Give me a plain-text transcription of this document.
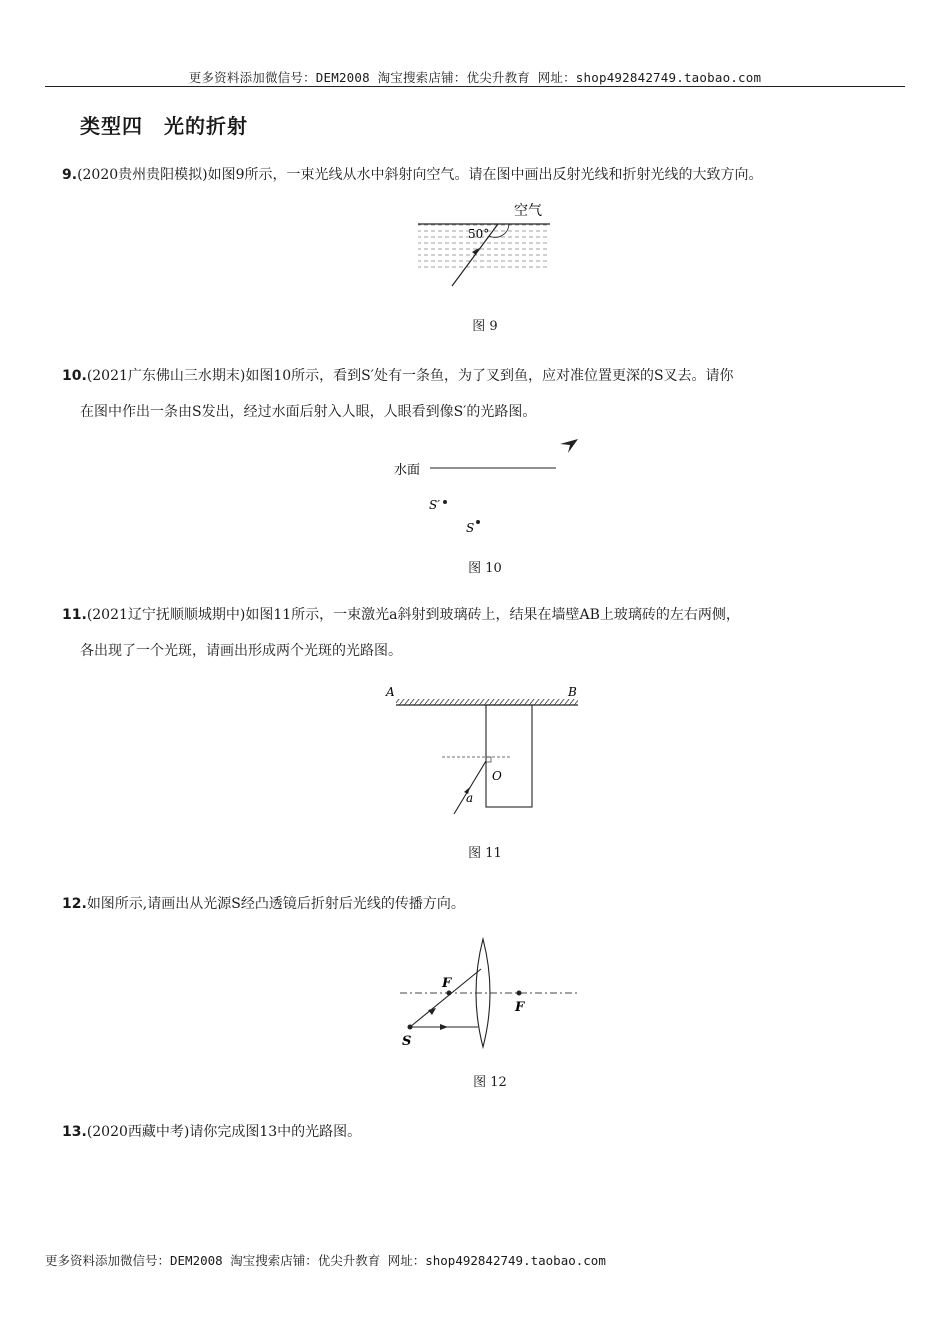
更多资料添加微信号：DEM2008 淘宝搜索店铺：优尖升教育 网址：shop492842749.taobao.com
类型四　光的折射
9.(2020贵州贵阳模拟)如图9所示，一束光线从水中斜射向空气。请在图中画出反射光线和折射光线的大致方向。
空气
50°
图 9
10.(2021广东佛山三水期末)如图10所示，看到S′处有一条鱼，为了叉到鱼，应对准位置更深的S叉去。请你
在图中作出一条由S发出，经过水面后射入人眼，人眼看到像S′的光路图。
水面
S′
S
图 10
11.(2021辽宁抚顺顺城期中)如图11所示，一束激光a斜射到玻璃砖上，结果在墙壁AB上玻璃砖的左右两侧，
各出现了一个光斑，请画出形成两个光斑的光路图。
A	B
O
a
图 11
12.如图所示,请画出从光源S经凸透镜后折射后光线的传播方向。
F
F
S
图 12
13.(2020西藏中考)请你完成图13中的光路图。
更多资料添加微信号：DEM2008 淘宝搜索店铺：优尖升教育 网址：shop492842749.taobao.com
